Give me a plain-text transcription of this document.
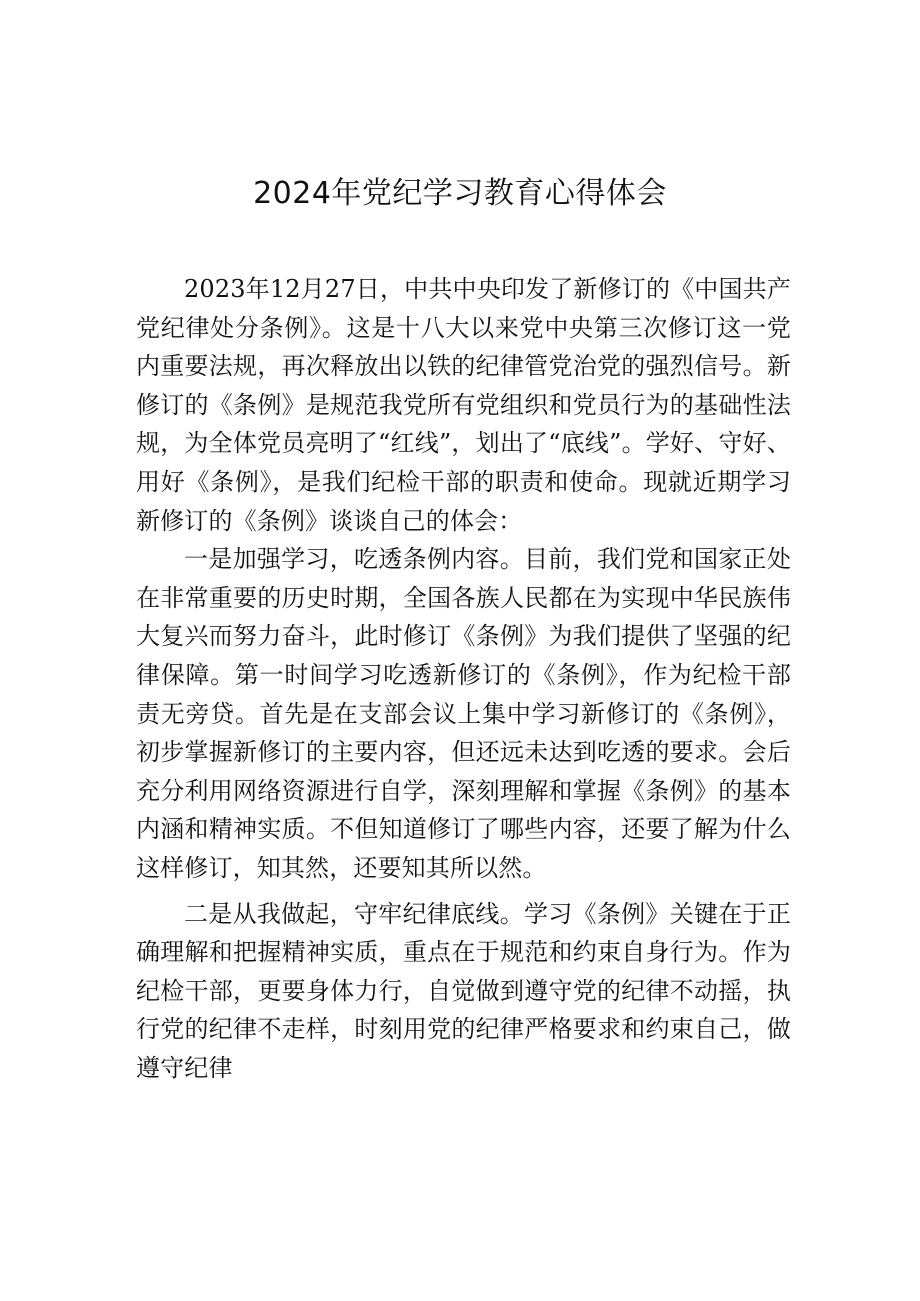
2024年党纪学习教育心得体会

2023年12月27日，中共中央印发了新修订的《中国共产党纪律处分条例》。这是十八大以来党中央第三次修订这一党内重要法规，再次释放出以铁的纪律管党治党的强烈信号。新修订的《条例》是规范我党所有党组织和党员行为的基础性法规，为全体党员亮明了“红线”，划出了“底线”。学好、守好、用好《条例》，是我们纪检干部的职责和使命。现就近期学习新修订的《条例》谈谈自己的体会：

一是加强学习，吃透条例内容。目前，我们党和国家正处在非常重要的历史时期，全国各族人民都在为实现中华民族伟大复兴而努力奋斗，此时修订《条例》为我们提供了坚强的纪律保障。第一时间学习吃透新修订的《条例》，作为纪检干部责无旁贷。首先是在支部会议上集中学习新修订的《条例》，初步掌握新修订的主要内容，但还远未达到吃透的要求。会后充分利用网络资源进行自学，深刻理解和掌握《条例》的基本内涵和精神实质。不但知道修订了哪些内容，还要了解为什么这样修订，知其然，还要知其所以然。

二是从我做起，守牢纪律底线。学习《条例》关键在于正确理解和把握精神实质，重点在于规范和约束自身行为。作为纪检干部，更要身体力行，自觉做到遵守党的纪律不动摇，执行党的纪律不走样，时刻用党的纪律严格要求和约束自己，做遵守纪律
